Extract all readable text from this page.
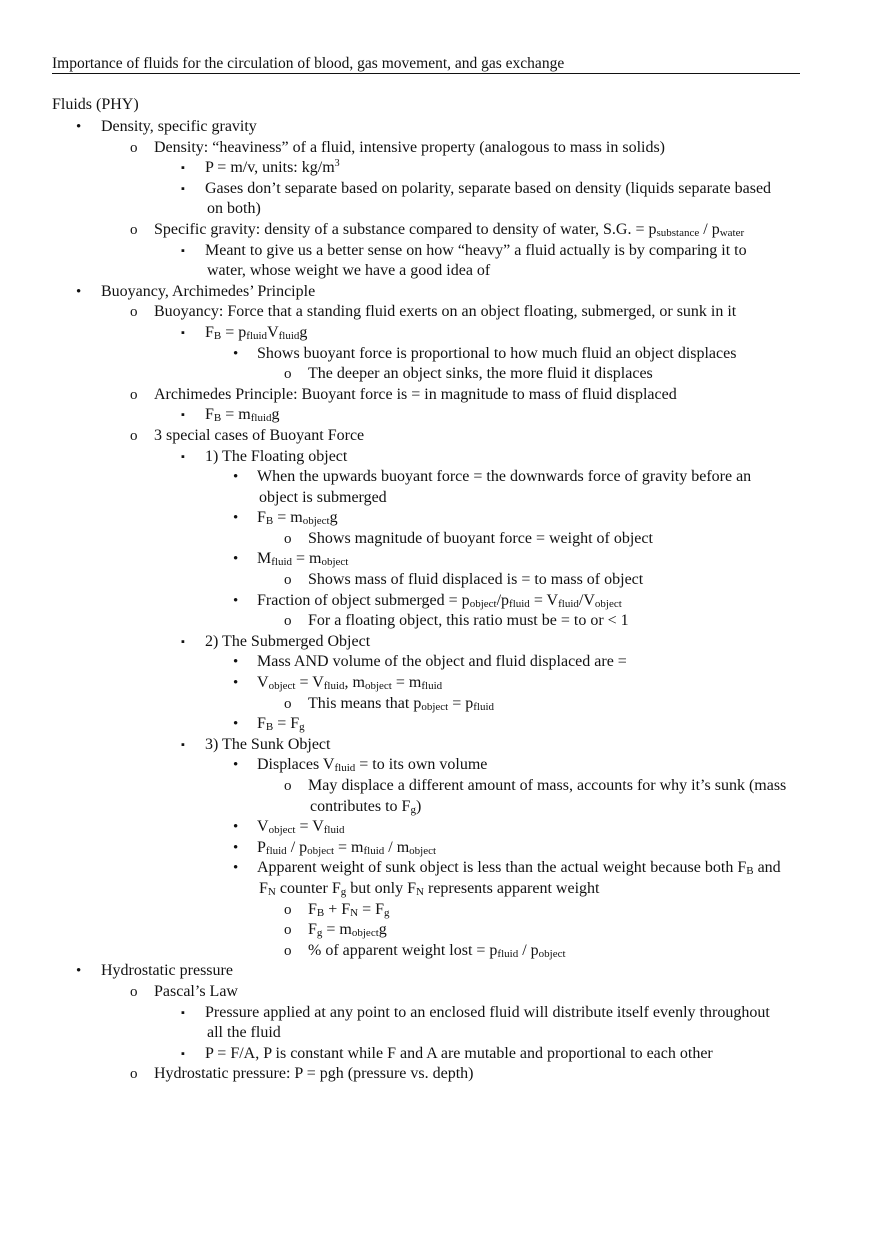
Importance of fluids for the circulation of blood, gas movement, and gas exchange
Fluids (PHY)
• Density, specific gravity
o Density: “heaviness” of a fluid, intensive property (analogous to mass in solids)
▪ P = m/v, units: $kg/m^3$
▪ Gases don’t separate based on polarity, separate based on density (liquids separate based
on both)
o Specific gravity: density of a substance compared to density of water, S.G. = $p_{substance} / p_{water}$
▪ Meant to give us a better sense on how “heavy” a fluid actually is by comparing it to
water, whose weight we have a good idea of
• Buoyancy, Archimedes’ Principle
o Buoyancy: Force that a standing fluid exerts on an object floating, submerged, or sunk in it
▪ $F_B = p_{fluid}V_{fluid}g$
• Shows buoyant force is proportional to how much fluid an object displaces
o The deeper an object sinks, the more fluid it displaces
o Archimedes Principle: Buoyant force is = in magnitude to mass of fluid displaced
▪ $F_B = m_{fluid}g$
o 3 special cases of Buoyant Force
▪ 1) The Floating object
• When the upwards buoyant force = the downwards force of gravity before an
object is submerged
• $F_B = m_{object}g$
o Shows magnitude of buoyant force = weight of object
• $M_{fluid} = m_{object}$
o Shows mass of fluid displaced is = to mass of object
• Fraction of object submerged = $p_{object}/p_{fluid} = V_{fluid}/V_{object}$
o For a floating object, this ratio must be = to or < 1
▪ 2) The Submerged Object
• Mass AND volume of the object and fluid displaced are =
• $V_{object} = V_{fluid}$, $m_{object} = m_{fluid}$
o This means that $p_{object} = p_{fluid}$
• $F_B = F_g$
▪ 3) The Sunk Object
• Displaces $V_{fluid}$ = to its own volume
o May displace a different amount of mass, accounts for why it’s sunk (mass
contributes to $F_g$)
• $V_{object} = V_{fluid}$
• $P_{fluid} / p_{object} = m_{fluid} / m_{object}$
• Apparent weight of sunk object is less than the actual weight because both $F_B$ and
$F_N$ counter $F_g$ but only $F_N$ represents apparent weight
o $F_B + F_N = F_g$
o $F_g = m_{object}g$
o % of apparent weight lost = $p_{fluid} / p_{object}$
• Hydrostatic pressure
o Pascal’s Law
▪ Pressure applied at any point to an enclosed fluid will distribute itself evenly throughout
all the fluid
▪ P = F/A, P is constant while F and A are mutable and proportional to each other
o Hydrostatic pressure: P = pgh (pressure vs. depth)
